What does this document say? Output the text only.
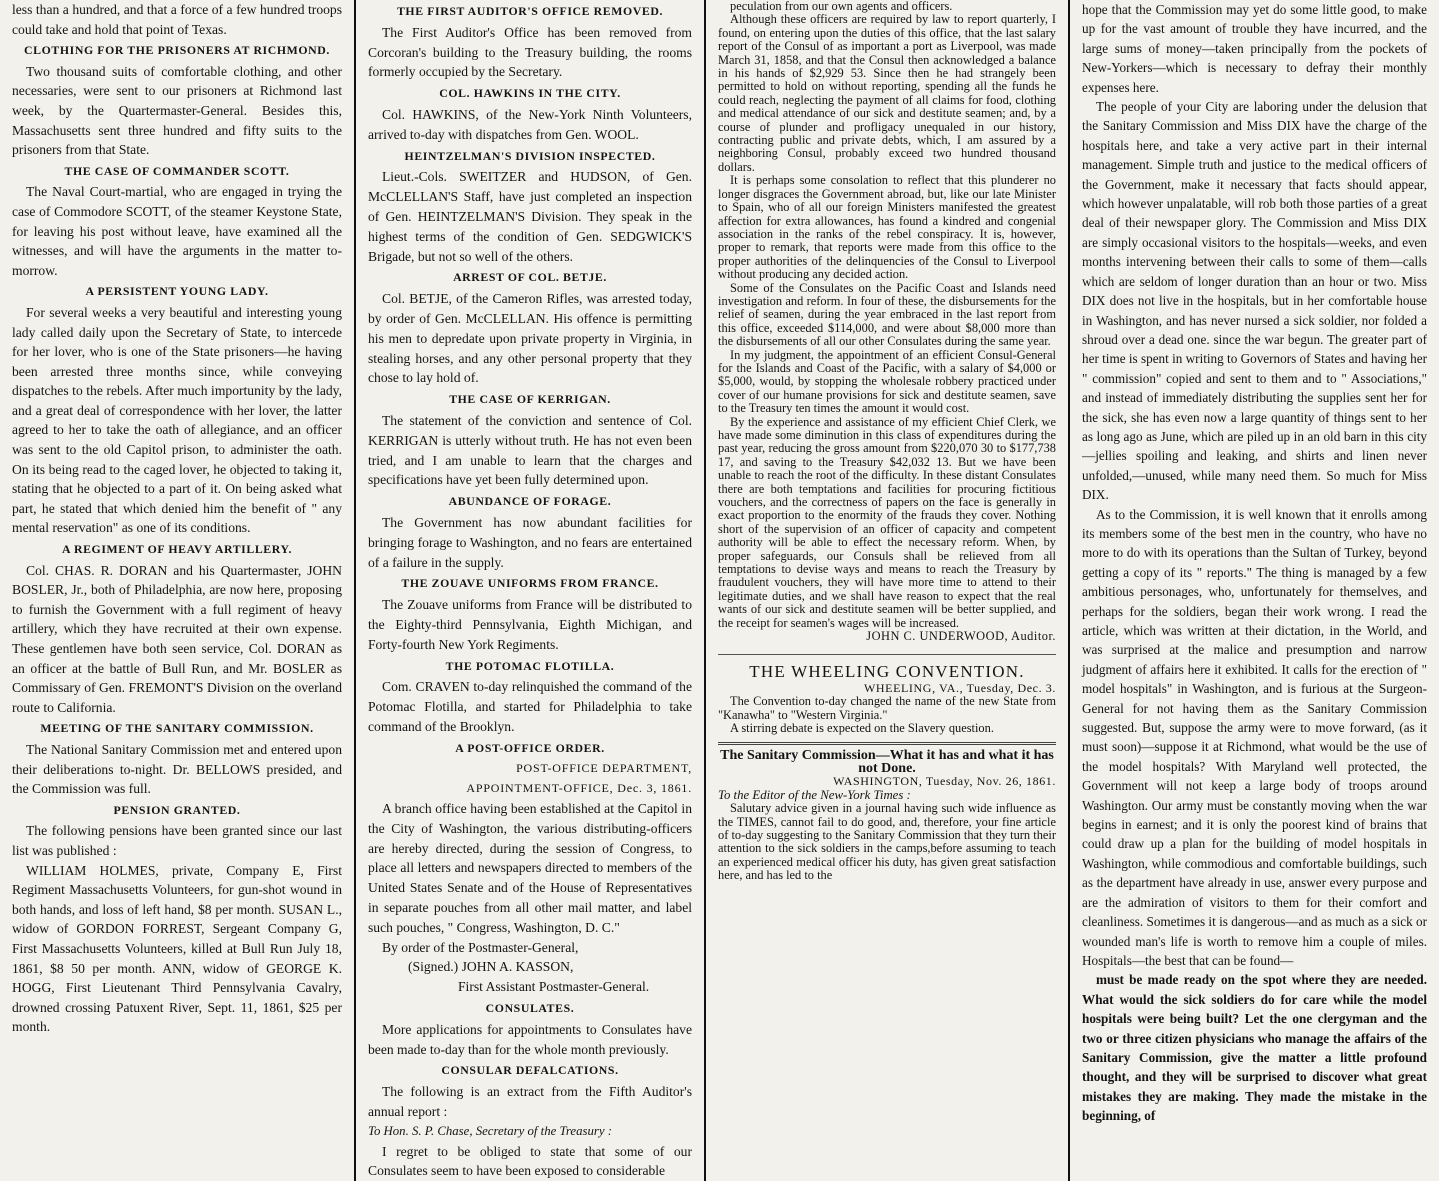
less than a hundred, and that a force of a few hundred troops could take and hold that point of Texas.

CLOTHING FOR THE PRISONERS AT RICHMOND.

Two thousand suits of comfortable clothing, and other necessaries, were sent to our prisoners at Richmond last week, by the Quartermaster-General. Besides this, Massachusetts sent three hundred and fifty suits to the prisoners from that State.

THE CASE OF COMMANDER SCOTT.

The Naval Court-martial, who are engaged in trying the case of Commodore SCOTT, of the steamer Keystone State, for leaving his post without leave, have examined all the witnesses, and will have the arguments in the matter to-morrow.

A PERSISTENT YOUNG LADY.

For several weeks a very beautiful and interesting young lady called daily upon the Secretary of State, to intercede for her lover, who is one of the State prisoners—he having been arrested three months since, while conveying dispatches to the rebels. After much importunity by the lady, and a great deal of correspondence with her lover, the latter agreed to her to take the oath of allegiance, and an officer was sent to the old Capitol prison, to administer the oath. On its being read to the caged lover, he objected to taking it, stating that he objected to a part of it. On being asked what part, he stated that which denied him the benefit of " any mental reservation" as one of its conditions.

A REGIMENT OF HEAVY ARTILLERY.

Col. CHAS. R. DORAN and his Quartermaster, JOHN BOSLER, Jr., both of Philadelphia, are now here, proposing to furnish the Government with a full regiment of heavy artillery, which they have recruited at their own expense. These gentlemen have both seen service, Col. DORAN as an officer at the battle of Bull Run, and Mr. BOSLER as Commissary of Gen. FREMONT'S Division on the overland route to California.

MEETING OF THE SANITARY COMMISSION.

The National Sanitary Commission met and entered upon their deliberations to-night. Dr. BELLOWS presided, and the Commission was full.

PENSION GRANTED.

The following pensions have been granted since our last list was published :

WILLIAM HOLMES, private, Company E, First Regiment Massachusetts Volunteers, for gun-shot wound in both hands, and loss of left hand, $8 per month. SUSAN L., widow of GORDON FORREST, Sergeant Company G, First Massachusetts Volunteers, killed at Bull Run July 18, 1861, $8 50 per month. ANN, widow of GEORGE K. HOGG, First Lieutenant Third Pennsylvania Cavalry, drowned crossing Patuxent River, Sept. 11, 1861, $25 per month.

THE FIRST AUDITOR'S OFFICE REMOVED.

The First Auditor's Office has been removed from Corcoran's building to the Treasury building, the rooms formerly occupied by the Secretary.

COL. HAWKINS IN THE CITY.

Col. HAWKINS, of the New-York Ninth Volunteers, arrived to-day with dispatches from Gen. WOOL.

HEINTZELMAN'S DIVISION INSPECTED.

Lieut.-Cols. SWEITZER and HUDSON, of Gen. McCLELLAN'S Staff, have just completed an inspection of Gen. HEINTZELMAN'S Division. They speak in the highest terms of the condition of Gen. SEDGWICK'S Brigade, but not so well of the others.

ARREST OF COL. BETJE.

Col. BETJE, of the Cameron Rifles, was arrested today, by order of Gen. McCLELLAN. His offence is permitting his men to depredate upon private property in Virginia, in stealing horses, and any other personal property that they chose to lay hold of.

THE CASE OF KERRIGAN.

The statement of the conviction and sentence of Col. KERRIGAN is utterly without truth. He has not even been tried, and I am unable to learn that the charges and specifications have yet been fully determined upon.

ABUNDANCE OF FORAGE.

The Government has now abundant facilities for bringing forage to Washington, and no fears are entertained of a failure in the supply.

THE ZOUAVE UNIFORMS FROM FRANCE.

The Zouave uniforms from France will be distributed to the Eighty-third Pennsylvania, Eighth Michigan, and Forty-fourth New York Regiments.

THE POTOMAC FLOTILLA.

Com. CRAVEN to-day relinquished the command of the Potomac Flotilla, and started for Philadelphia to take command of the Brooklyn.

A POST-OFFICE ORDER.

POST-OFFICE DEPARTMENT,

APPOINTMENT-OFFICE, Dec. 3, 1861.

A branch office having been established at the Capitol in the City of Washington, the various distributing-officers are hereby directed, during the session of Congress, to place all letters and newspapers directed to members of the United States Senate and of the House of Representatives in separate pouches from all other mail matter, and label such pouches, " Congress, Washington, D. C."

By order of the Postmaster-General,

(Signed.) JOHN A. KASSON,

First Assistant Postmaster-General.

CONSULATES.

More applications for appointments to Consulates have been made to-day than for the whole month previously.

CONSULAR DEFALCATIONS.

The following is an extract from the Fifth Auditor's annual report :

To Hon. S. P. Chase, Secretary of the Treasury :

I regret to be obliged to state that some of our Consulates seem to have been exposed to considerable

peculation from our own agents and officers.

Although these officers are required by law to report quarterly, I found, on entering upon the duties of this office, that the last salary report of the Consul of as important a port as Liverpool, was made March 31, 1858, and that the Consul then acknowledged a balance in his hands of $2,929 53. Since then he had strangely been permitted to hold on without reporting, spending all the funds he could reach, neglecting the payment of all claims for food, clothing and medical attendance of our sick and destitute seamen; and, by a course of plunder and profligacy unequaled in our history, contracting public and private debts, which, I am assured by a neighboring Consul, probably exceed two hundred thousand dollars.

It is perhaps some consolation to reflect that this plunderer no longer disgraces the Government abroad, but, like our late Minister to Spain, who of all our foreign Ministers manifested the greatest affection for extra allowances, has found a kindred and congenial association in the ranks of the rebel conspiracy. It is, however, proper to remark, that reports were made from this office to the proper authorities of the delinquencies of the Consul to Liverpool without producing any decided action.

Some of the Consulates on the Pacific Coast and Islands need investigation and reform. In four of these, the disbursements for the relief of seamen, during the year embraced in the last report from this office, exceeded $114,000, and were about $8,000 more than the disbursements of all our other Consulates during the same year.

In my judgment, the appointment of an efficient Consul-General for the Islands and Coast of the Pacific, with a salary of $4,000 or $5,000, would, by stopping the wholesale robbery practiced under cover of our humane provisions for sick and destitute seamen, save to the Treasury ten times the amount it would cost.

By the experience and assistance of my efficient Chief Clerk, we have made some diminution in this class of expenditures during the past year, reducing the gross amount from $220,070 30 to $177,738 17, and saving to the Treasury $42,032 13. But we have been unable to reach the root of the difficulty. In these distant Consulates there are both temptations and facilities for procuring fictitious vouchers, and the correctness of papers on the face is generally in exact proportion to the enormity of the frauds they cover. Nothing short of the supervision of an officer of capacity and competent authority will be able to effect the necessary reform. When, by proper safeguards, our Consuls shall be relieved from all temptations to devise ways and means to reach the Treasury by fraudulent vouchers, they will have more time to attend to their legitimate duties, and we shall have reason to expect that the real wants of our sick and destitute seamen will be better supplied, and the receipt for seamen's wages will be increased.

JOHN C. UNDERWOOD, Auditor.

THE WHEELING CONVENTION.

WHEELING, VA., Tuesday, Dec. 3.

The Convention to-day changed the name of the new State from "Kanawha" to "Western Virginia."

A stirring debate is expected on the Slavery question.

The Sanitary Commission—What it has and what it has not Done.

WASHINGTON, Tuesday, Nov. 26, 1861.

To the Editor of the New-York Times :

Salutary advice given in a journal having such wide influence as the TIMES, cannot fail to do good, and, therefore, your fine article of to-day suggesting to the Sanitary Commission that they turn their attention to the sick soldiers in the camps,before assuming to teach an experienced medical officer his duty, has given great satisfaction here, and has led to the

hope that the Commission may yet do some little good, to make up for the vast amount of trouble they have incurred, and the large sums of money—taken principally from the pockets of New-Yorkers—which is necessary to defray their monthly expenses here.

The people of your City are laboring under the delusion that the Sanitary Commission and Miss DIX have the charge of the hospitals here, and take a very active part in their internal management. Simple truth and justice to the medical officers of the Government, make it necessary that facts should appear, which however unpalatable, will rob both those parties of a great deal of their newspaper glory. The Commission and Miss DIX are simply occasional visitors to the hospitals—weeks, and even months intervening between their calls to some of them—calls which are seldom of longer duration than an hour or two. Miss DIX does not live in the hospitals, but in her comfortable house in Washington, and has never nursed a sick soldier, nor folded a shroud over a dead one. since the war begun. The greater part of her time is spent in writing to Governors of States and having her " commission" copied and sent to them and to " Associations," and instead of immediately distributing the supplies sent her for the sick, she has even now a large quantity of things sent to her as long ago as June, which are piled up in an old barn in this city—jellies spoiling and leaking, and shirts and linen never unfolded,—unused, while many need them. So much for Miss DIX.

As to the Commission, it is well known that it enrolls among its members some of the best men in the country, who have no more to do with its operations than the Sultan of Turkey, beyond getting a copy of its " reports." The thing is managed by a few ambitious personages, who, unfortunately for themselves, and perhaps for the soldiers, began their work wrong. I read the article, which was written at their dictation, in the World, and was surprised at the malice and presumption and narrow judgment of affairs here it exhibited. It calls for the erection of " model hospitals" in Washington, and is furious at the Surgeon-General for not having them as the Sanitary Commission suggested. But, suppose the army were to move forward, (as it must soon)—suppose it at Richmond, what would be the use of the model hospitals? With Maryland well protected, the Government will not keep a large body of troops around Washington. Our army must be constantly moving when the war begins in earnest; and it is only the poorest kind of brains that could draw up a plan for the building of model hospitals in Washington, while commodious and comfortable buildings, such as the department have already in use, answer every purpose and are the admiration of visitors to them for their comfort and cleanliness. Sometimes it is dangerous—and as much as a sick or wounded man's life is worth to remove him a couple of miles. Hospitals—the best that can be found—

must be made ready on the spot where they are needed. What would the sick soldiers do for care while the model hospitals were being built? Let the one clergyman and the two or three citizen physicians who manage the affairs of the Sanitary Commission, give the matter a little profound thought, and they will be surprised to discover what great mistakes they are making. They made the mistake in the beginning, of
